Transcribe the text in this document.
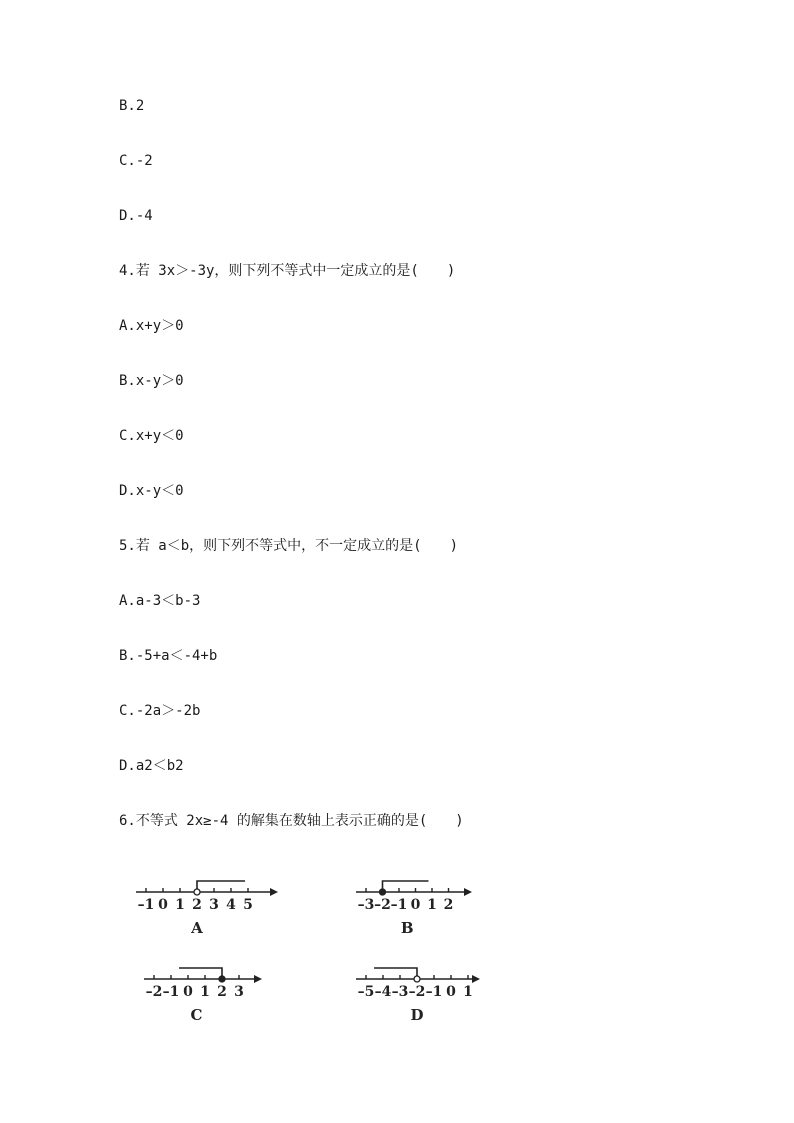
B.2
C.-2
D.-4
4.若 3x＞-3y，则下列不等式中一定成立的是(　　)
A.x+y＞0
B.x-y＞0
C.x+y＜0
D.x-y＜0
5.若 a＜b，则下列不等式中，不一定成立的是(　　)
A.a-3＜b-3
B.-5+a＜-4+b
C.-2a＞-2b
D.a2＜b2
6.不等式 2x≥-4 的解集在数轴上表示正确的是(　　)
–1 0 1 2 3 4 5
A
–3 –2 –1 0 1 2
B
–2 –1 0 1 2 3
C
–5 –4 –3 –2 –1 0 1
D
